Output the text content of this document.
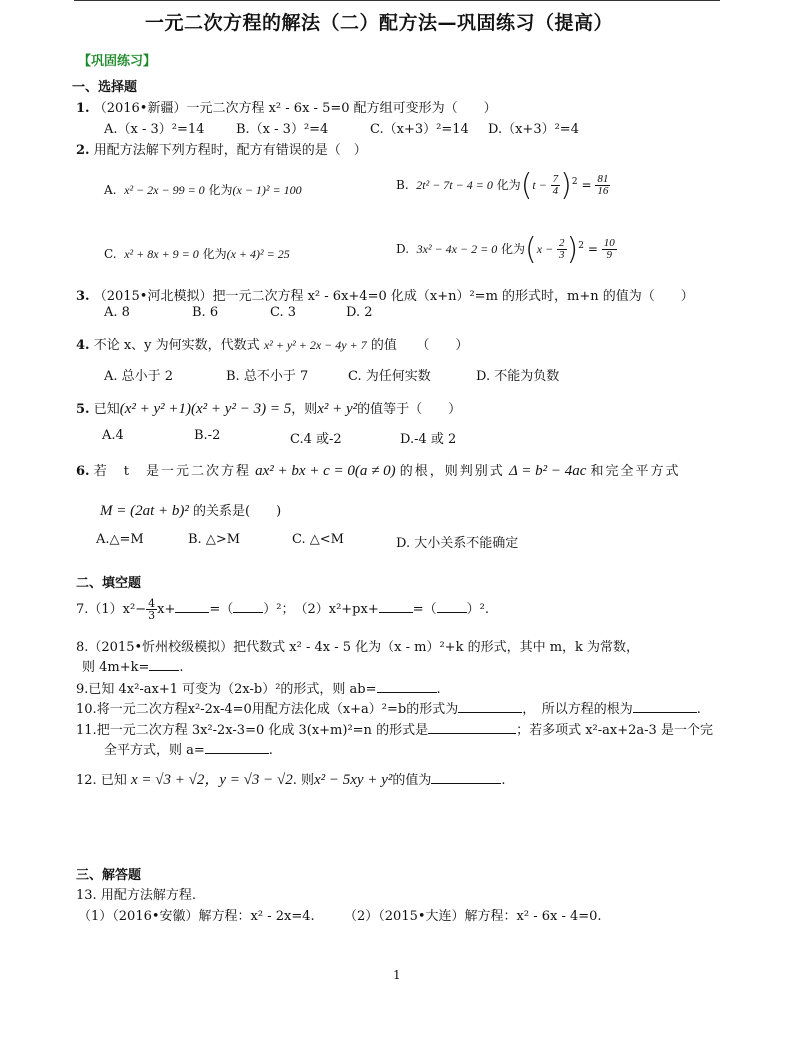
一元二次方程的解法（二）配方法—巩固练习（提高）
【巩固练习】
一、选择题
1. （2016•新疆）一元二次方程 x² - 6x - 5=0 配方组可变形为（　　）
A.（x - 3）²=14 B.（x - 3）²=4	C.（x+3）²=14 D.（x+3）²=4
2. 用配方法解下列方程时，配方有错误的是（　）
A. x² − 2x − 99 = 0 化为(x − 1)² = 100	B. 2t² − 7t − 4 = 0 化为$(t - \frac{7}{4} )^2 = \frac{81}{16}$
C. x² + 8x + 9 = 0 化为(x + 4)² = 25	D. 3x² − 4x − 2 = 0 化为$(x - \frac{2}{3} )^2 = \frac{10}{9}$
3. （2015•河北模拟）把一元二次方程 x² - 6x+4=0 化成（x+n）²=m 的形式时，m+n 的值为（　　）
A. 8	B. 6	C. 3	D. 2
4. 不论 x、y 为何实数，代数式 x² + y² + 2x − 4y + 7 的值　　（　　）
A. 总小于 2	B. 总不小于 7	C. 为任何实数	D. 不能为负数
5. 已知(x² + y² +1)(x² + y² − 3) = 5，则x² + y²的值等于（　　）
A.4	B.-2	C.4 或-2	D.-4 或 2
6. 若　t　是一元二次方程 ax² + bx + c = 0(a ≠ 0) 的根，则判别式 Δ = b² − 4ac 和完全平方式
M = (2at + b)² 的关系是(　　)
A.△=M	B. △>M	C. △<M	D. 大小关系不能确定
二、填空题
$7.(1)x^2- \frac{4}{3} x+$	=（ ）²；　（2）x²+px+	=（ ）².
8.（2015•忻州校级模拟）把代数式 x² - 4x - 5 化为（x - m）²+k 的形式，其中 m，k 为常数，
则 4m+k= .
9.已知 4x²-ax+1 可变为（2x-b）²的形式，则 ab=	.
10.将一元二次方程x²-2x-4=0用配方法化成（x+a）²=b的形式为	，　所以方程的根为	.
11.把一元二次方程 3x²-2x-3=0 化成 3(x+m)²=n 的形式是	；若多项式 x²-ax+2a-3 是一个完
全平方式，则 a=	.
12. 已知 x = √3 + √2，y = √3 − √2. 则x² − 5xy + y²的值为	.
三、解答题
13. 用配方法解方程.
（1）（2016•安徽）解方程：x² - 2x=4. （2）（2015•大连）解方程：x² - 6x - 4=0.
1
